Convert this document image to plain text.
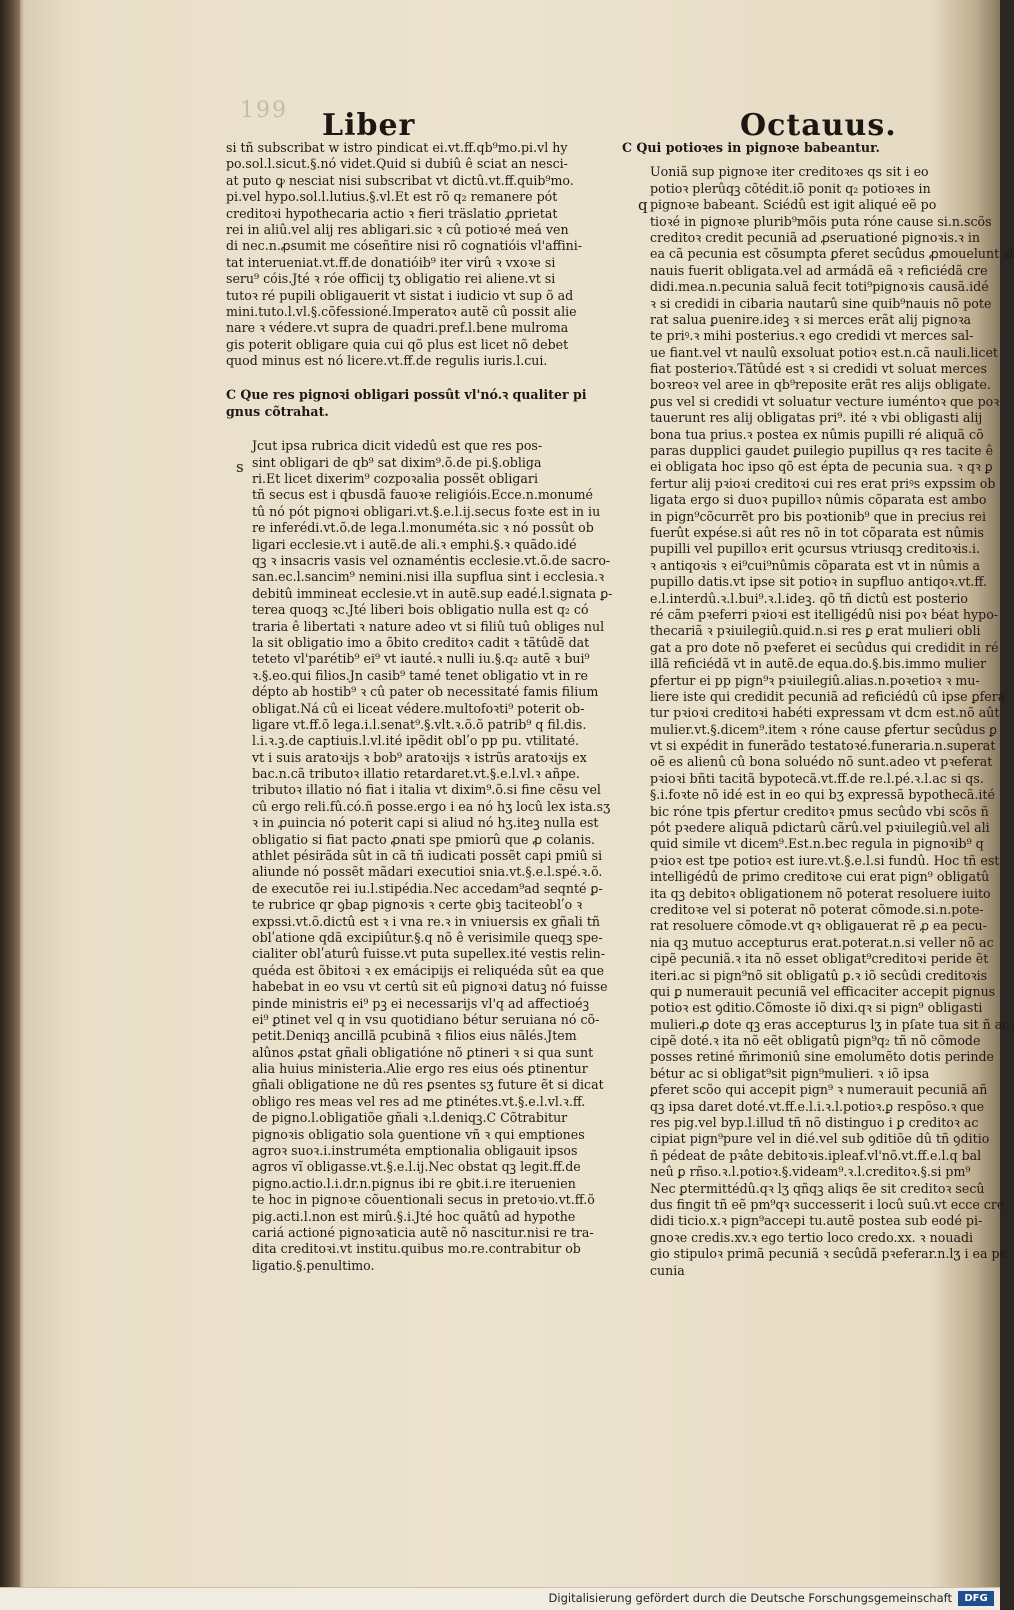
199 Liber	Octauus.
s
q
si tñ subscribat w istro pindicat ei.vt.ff.qb⁹mo.pi.vl hy
po.sol.l.sicut.§.nó videt.Quid si dubiû ê sciat an nesci-
at puto ꝙ nesciat nisi subscribat vt dictû.vt.ff.quib⁹mo.
pi.vel hypo.sol.l.lutius.§.vl.Et est rõ q₂ remanere pót
creditoꝛi hypothecaria actio ꝛ fieri träslatio ꝓprietat
rei in aliû.vel alij res abligari.sic ꝛ cû potioꝛé meá ven
di nec.n.ꝓsumit me cóseñtire nisi rõ cognatióis vl'affini-
tat interueniat.vt.ff.de donatióib⁹ iter virû ꝛ vxoꝛe si
seru⁹ cóis.Jté ꝛ róe officij tʒ obligatio rei aliene.vt si
tutoꝛ ré pupili obligauerit vt sistat i iudicio vt sup õ ad
mini.tuto.l.vl.§.cõfessioné.Imperatoꝛ autẽ cû possit alie
nare ꝛ védere.vt supra de quadri.pref.l.bene mulroma
gis poterit obligare quia cui qõ plus est licet nõ debet
quod minus est nó licere.vt.ff.de regulis iuris.l.cui.
C Que res pignoꝛi obligari possût vl'nó.ꝛ qualiter pi
gnus cõtrahat.
Jcut ipsa rubrica dicit videdû est que res pos-
sint obligari de qb⁹ sat dixim⁹.õ.de pi.§.obliga
ri.Et licet dixerim⁹ cozpoꝛalia possẽt obligari
tñ secus est i qbusdã fauoꝛe religióis.Ecce.n.monumé
tû nó pót pignoꝛi obligari.vt.§.e.l.ij.secus foꝛte est in iu
re inferédi.vt.õ.de lega.l.monuméta.sic ꝛ nó possût ob
ligari ecclesie.vt i autẽ.de ali.ꝛ emphi.§.ꝛ quãdo.idé
qꝫ ꝛ insacris vasis vel oznaméntis ecclesie.vt.õ.de sacro-
san.ec.l.sancim⁹ nemini.nisi illa supflua sint i ecclesia.ꝛ
debitû immineat ecclesie.vt in autẽ.sup eadé.l.signata ꝑ-
terea quoqꝫ ꝛc.Jté liberi bois obligatio nulla est q₂ có
traria ê libertati ꝛ nature adeo vt si filiû tuû obliges nul
la sit obligatio imo a õbito creditoꝛ cadit ꝛ tãtûdẽ dat
teteto vl'parétib⁹ ei⁹ vt iauté.ꝛ nulli iu.§.q₂ autẽ ꝛ bui⁹
ꝛ.§.eo.qui filios.Jn casib⁹ tamé tenet obligatio vt in re
dépto ab hostib⁹ ꝛ cû pater ob necessitaté famis filium
obligat.Ná cû ei liceat védere.multofoꝛti⁹ poterit ob-
ligare vt.ff.õ lega.i.l.senat⁹.§.vlt.ꝛ.õ.õ patrib⁹ q fil.dis.
l.i.ꝛ.ꝫ.de captiuis.l.vl.ité ipẽdit oblʹo pp pu. vtilitaté.
vt i suis aratoꝛijs ꝛ bob⁹ aratoꝛijs ꝛ istrũs aratoꝛijs ex
bac.n.cã tributoꝛ illatio retardaret.vt.§.e.l.vl.ꝛ añpe.
tributoꝛ illatio nó fiat i italia vt dixim⁹.õ.si fine cẽsu vel
cû ergo reli.fû.có.ñ posse.ergo i ea nó hʒ locû lex ista.sʒ
ꝛ in ꝓuincia nó poterit capi si aliud nó hʒ.iteꝫ nulla est
obligatio si fiat pacto ꝓnati spe pmiorû que ꝓ colanis.
athlet pésirãda sût in cã tñ iudicati possẽt capi pmiû si
aliunde nó possẽt mãdari executioi snia.vt.§.e.l.spé.ꝛ.õ.
de executõe rei iu.l.stipédia.Nec accedam⁹ad seqnté ꝑ-
te rubrice qr ꝯbaꝑ pignoꝛis ꝛ certe ꝯbiꝫ taciteoblʹo ꝛ
expssi.vt.õ.dictû est ꝛ i vna re.ꝛ in vniuersis ex gñali tñ
oblʹatione qdã excipiûtur.§.q nõ ê verisimile queqꝫ spe-
cialiter oblʹaturû fuisse.vt puta supellex.ité vestis relin-
quéda est õbitoꝛi ꝛ ex emácipijs ei reliquéda sût ea que
habebat in eo vsu vt certû sit eû pignoꝛi datuꝫ nó fuisse
pinde ministris ei⁹ pꝫ ei necessarijs vl'q ad affectioéꝫ
ei⁹ ꝑtinet vel q in vsu quotidiano bétur seruiana nó cõ-
petit.Deniqꝫ ancillã pcubinã ꝛ filios eius nãlés.Jtem
alûnos ꝓstat gñali obligatióne nõ ꝑtineri ꝛ si qua sunt
alia huius ministeria.Alie ergo res eius oés ꝑtinentur
gñali obligatione ne dû res ꝑsentes sʒ future ẽt si dicat
obligo res meas vel res ad me ꝑtinétes.vt.§.e.l.vl.ꝛ.ff.
de pigno.l.obligatiõe gñali ꝛ.l.deniqꝫ.C Cõtrabitur
pignoꝛis obligatio sola ꝯuentione vñ ꝛ qui emptiones
agroꝛ suoꝛ.i.instruméta emptionalia obligauit ipsos
agros vĩ obligasse.vt.§.e.l.ij.Nec obstat qꝫ legit.ff.de
pigno.actio.l.i.dr.n.pignus ibi re ꝯbit.i.re iteruenien
te hoc in pignoꝛe cõuentionali secus in pretoꝛio.vt.ff.õ
pig.acti.l.non est mirû.§.i.Jté hoc quãtû ad hypothe
cariá actioné pignoꝛaticia autẽ nõ nascitur.nisi re tra-
dita creditoꝛi.vt institu.quibus mo.re.contrabitur ob
ligatio.§.penultimo.
C Qui potioꝛes in pignoꝛe babeantur.
Uoniã sup pignoꝛe iter creditoꝛes qs sit i eo
potioꝛ plerûqꝫ cõtédit.iõ ponit q₂ potioꝛes in
pignoꝛe babeant. Sciédû est igit aliqué eẽ po
tioꝛé in pignoꝛe plurib⁹mõis puta róne cause si.n.scõs
creditoꝛ credit pecuniã ad ꝓseruationé pignoꝛis.ꝛ in
ea cã pecunia est cõsumpta ꝑferet secûdus ꝓmouelunt si
nauis fuerit obligata.vel ad armádã eã ꝛ reficiédã cre
didi.mea.n.pecunia saluã fecit toti⁹pignoꝛis causã.idé
ꝛ si credidi in cibaria nautarû sine quib⁹nauis nõ pote
rat salua ꝑuenire.ideꝫ ꝛ si merces erãt alij pignoꝛa
te priꝰ.ꝛ mihi posterius.ꝛ ego credidi vt merces sal-
ue fiant.vel vt naulû exsoluat potioꝛ est.n.cã nauli.licet
fiat posterioꝛ.Tãtûdé est ꝛ si credidi vt soluat merces
boꝛreoꝛ vel aree in qb⁹reposite erãt res alijs obligate.
ꝑus vel si credidi vt soluatur vecture iuméntoꝛ que poꝛ
tauerunt res alij obligatas pri⁹. ité ꝛ vbi obligasti alij
bona tua prius.ꝛ postea ex nûmis pupilli ré aliquã cõ
paras dupplici gaudet ꝑuilegio pupillus qꝛ res tacite ê
ei obligata hoc ipso qõ est épta de pecunia sua. ꝛ qꝛ ꝑ
fertur alij pꝛioꝛi creditoꝛi cui res erat priꝰs expssim ob
ligata ergo si duoꝛ pupilloꝛ nûmis cõparata est ambo
in pign⁹cõcurrẽt pro bis poꝛtionib⁹ que in precius rei
fuerût expése.si aût res nõ in tot cõparata est nûmis
pupilli vel pupilloꝛ erit ꝯcursus vtriusqꝫ creditoꝛis.i.
ꝛ antiqoꝛis ꝛ ei⁹cui⁹nûmis cõparata est vt in nûmis a
pupillo datis.vt ipse sit potioꝛ in supfluo antiqoꝛ.vt.ff.
e.l.interdû.ꝛ.l.bui⁹.ꝛ.l.ideꝫ. qõ tñ dictû est posterio
ré cãm pꝛeferri pꝛioꝛi est itelligédû nisi poꝛ béat hypo-
thecariã ꝛ pꝛiuilegiû.quid.n.si res ꝑ erat mulieri obli
gat a pro dote nõ pꝛeferet ei secûdus qui credidit in ré
illã reficiédã vt in autẽ.de equa.do.§.bis.immo mulier
ꝑfertur ei pp pign⁹ꝛ pꝛiuilegiû.alias.n.poꝛetioꝛ ꝛ mu-
liere iste qui credidit pecuniã ad reficiédû cû ipse ꝑfera
tur pꝛioꝛi creditoꝛi habéti expressam vt dcm est.nõ aût
mulier.vt.§.dicem⁹.item ꝛ róne cause ꝑfertur secûdus ꝑ
vt si expédit in funerãdo testatoꝛé.funeraria.n.superat
oẽ es alienû cû bona soluédo nõ sunt.adeo vt pꝛeferat
pꝛioꝛi bñti tacitã bypotecã.vt.ff.de re.l.pé.ꝛ.l.ac si qs.
§.i.foꝛte nõ idé est in eo qui bʒ expressã bypothecã.ité
bic róne tpis ꝑfertur creditoꝛ pmus secûdo vbi scõs ñ
pót pꝛedere aliquã pdictarû cãrû.vel pꝛiuilegiû.vel ali
quid simile vt dicem⁹.Est.n.bec regula in pignoꝛib⁹ q
pꝛioꝛ est tpe potioꝛ est iure.vt.§.e.l.si fundû. Hoc tñ est
intelligédû de primo creditoꝛe cui erat pign⁹ obligatû
ita qꝫ debitoꝛ obligationem nõ poterat resoluere iuito
creditoꝛe vel si poterat nõ poterat cõmode.si.n.pote-
rat resoluere cõmode.vt qꝛ obligauerat rẽ ꝓ ea pecu-
nia qꝫ mutuo accepturus erat.poterat.n.si veller nõ ac
cipẽ pecuniã.ꝛ ita nõ esset obligat⁹creditoꝛi peride ẽt
iteri.ac si pign⁹nõ sit obligatû ꝑ.ꝛ iõ secûdi creditoꝛis
qui ꝑ numerauit pecuniã vel efficaciter accepit pignus
potioꝛ est ꝯditio.Cõmoste iõ dixi.qꝛ si pign⁹ obligasti
mulieri.ꝓ dote qꝫ eras accepturus lʒ in pſate tua sit ñ ac
cipẽ doté.ꝛ ita nõ eẽt obligatû pign⁹q₂ tñ nõ cõmode
posses retiné m̃rimoniû sine emolumẽto dotis perinde
bétur ac si obligat⁹sit pign⁹mulieri. ꝛ iõ ipsa
ꝑferet scõo qui accepit pign⁹ ꝛ numerauit pecuniã añ
qꝫ ipsa daret doté.vt.ff.e.l.i.ꝛ.l.potioꝛ.ꝑ respõso.ꝛ que
res pig.vel byp.l.illud tñ nõ distinguo i ꝑ creditoꝛ ac
cipiat pign⁹pure vel in dié.vel sub ꝯditiõe dû tñ ꝯditio
ñ pédeat de pꝛâte debitoꝛis.ipleaf.vl'nõ.vt.ff.e.l.q bal
neû ꝑ rñso.ꝛ.l.potioꝛ.§.videam⁹.ꝛ.l.creditoꝛ.§.si pm⁹
Nec ꝑtermittédû.qꝛ lʒ qñqꝫ aliqs ẽe sit creditoꝛ secû
dus fingit tñ eẽ pm⁹qꝛ successerit i locû suû.vt ecce cre
didi ticio.x.ꝛ pign⁹accepi tu.autẽ postea sub eodé pi-
gnoꝛe credis.xv.ꝛ ego tertio loco credo.xx. ꝛ nouadi
gio stipuloꝛ primã pecuniã ꝛ secûdã pꝛeferar.n.lʒ i ea pe
cunia
Digitalisierung gefördert durch die Deutsche Forschungsgemeinschaft	DFG
